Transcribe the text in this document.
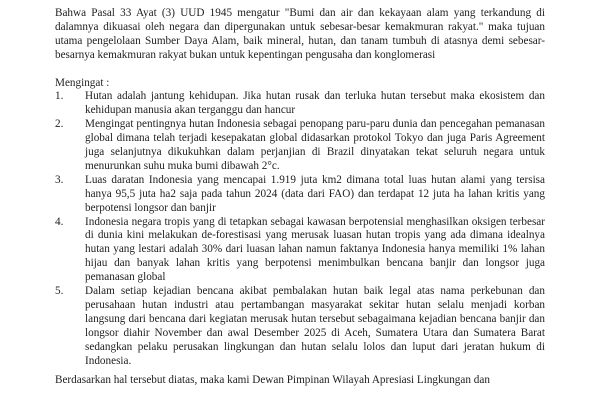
Bahwa Pasal 33 Ayat (3) UUD 1945 mengatur "Bumi dan air dan kekayaan alam yang terkandung di dalamnya dikuasai oleh negara dan dipergunakan untuk sebesar-besar kemakmuran rakyat." maka tujuan utama pengelolaan Sumber Daya Alam, baik mineral, hutan, dan tanam tumbuh di atasnya demi sebesar-besarnya kemakmuran rakyat bukan untuk kepentingan pengusaha dan konglomerasi

Mengingat :

1.	Hutan adalah jantung kehidupan. Jika hutan rusak dan terluka hutan tersebut maka ekosistem dan kehidupan manusia akan terganggu dan hancur
2.	Mengingat pentingnya hutan Indonesia sebagai penopang paru-paru dunia dan pencegahan pemanasan global dimana telah terjadi kesepakatan global didasarkan protokol Tokyo dan juga Paris Agreement juga selanjutnya dikukuhkan dalam perjanjian di Brazil dinyatakan tekat seluruh negara untuk menurunkan suhu muka bumi dibawah 2°c.
3.	Luas daratan Indonesia yang mencapai 1.919 juta km2 dimana total luas hutan alami yang tersisa hanya 95,5 juta ha2 saja pada tahun 2024 (data dari FAO) dan terdapat 12 juta ha lahan kritis yang berpotensi longsor dan banjir
4.	Indonesia negara tropis yang di tetapkan sebagai kawasan berpotensial menghasilkan oksigen terbesar di dunia kini melakukan de-forestisasi yang merusak luasan hutan tropis yang ada dimana idealnya hutan yang lestari adalah 30% dari luasan lahan namun faktanya Indonesia hanya memiliki 1% lahan hijau dan banyak lahan kritis yang berpotensi menimbulkan bencana banjir dan longsor juga pemanasan global
5.	Dalam setiap kejadian bencana akibat pembalakan hutan baik legal atas nama perkebunan dan perusahaan hutan industri atau pertambangan masyarakat sekitar hutan selalu menjadi korban langsung dari bencana dari kegiatan merusak hutan tersebut sebagaimana kejadian bencana banjir dan longsor diahir November dan awal Desember 2025 di Aceh, Sumatera Utara dan Sumatera Barat sedangkan pelaku perusakan lingkungan dan hutan selalu lolos dan luput dari jeratan hukum di Indonesia.

Berdasarkan hal tersebut diatas, maka kami Dewan Pimpinan Wilayah Apresiasi Lingkungan dan
